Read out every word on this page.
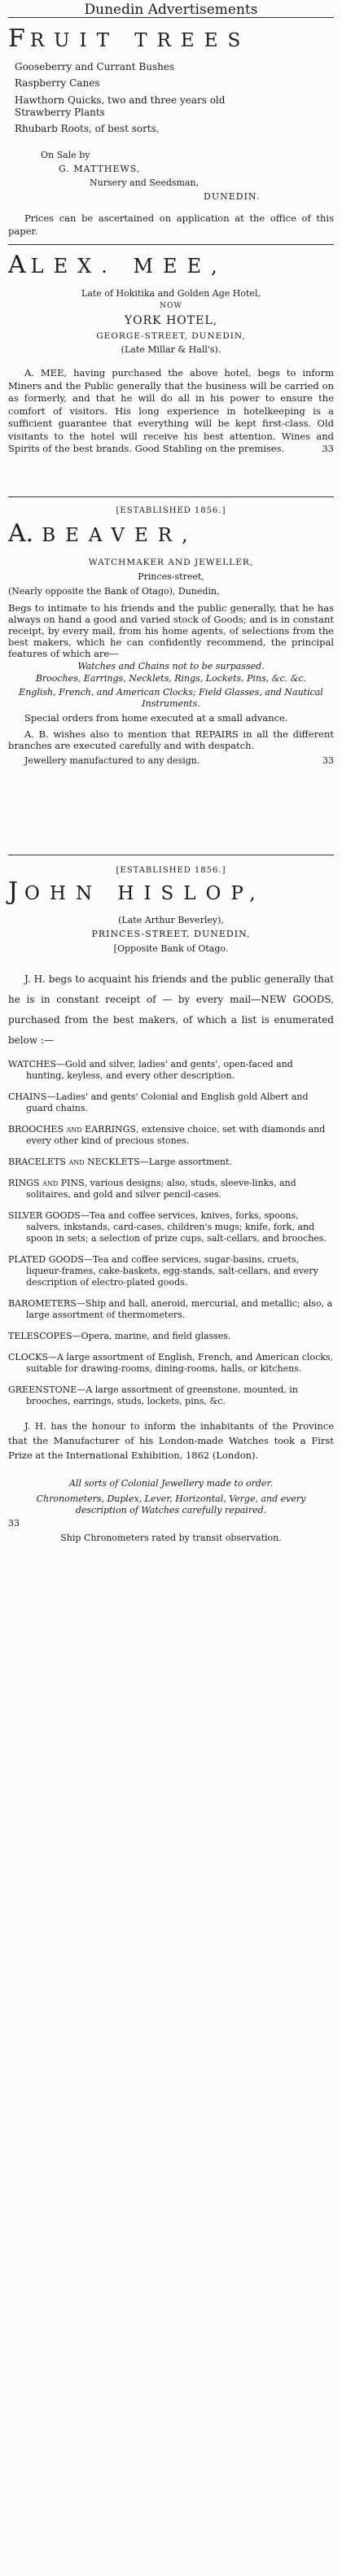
Dunedin Advertisements
F RUIT TREES
Gooseberry and Currant Bushes
Raspberry Canes
Hawthorn Quicks, two and three years old
Strawberry Plants
Rhubarb Roots, of best sorts,
On Sale by
G. MATTHEWS,
Nursery and Seedsman,
DUNEDIN.
Prices can be ascertained on application at the office of this paper.
A LEX. MEE,
Late of Hokitika and Golden Age Hotel,
NOW
YORK HOTEL,
GEORGE-STREET, DUNEDIN,
(Late Millar & Hall's).
A. MEE, having purchased the above hotel, begs to inform Miners and the Public generally that the business will be carried on as formerly, and that he will do all in his power to ensure the comfort of visitors. His long experience in hotelkeeping is a sufficient guarantee that everything will be kept first-class. Old visitants to the hotel will receive his best attention. Wines and Spirits of the best brands. Good Stabling on the premises.	33
[ESTABLISHED 1856.]
A. BEAVER,
WATCHMAKER AND JEWELLER,
Princes-street,
(Nearly opposite the Bank of Otago), Dunedin,
Begs to intimate to his friends and the public generally, that he has always on hand a good and varied stock of Goods; and is in constant receipt, by every mail, from his home agents, of selections from the best makers, which he can confidently recommend, the principal features of which are—
Watches and Chains not to be surpassed.
Brooches, Earrings, Necklets, Rings, Lockets, Pins, &c. &c.
English, French, and American Clocks; Field Glasses, and Nautical Instruments.
Special orders from home executed at a small advance.
A. B. wishes also to mention that REPAIRS in all the different branches are executed carefully and with despatch.
Jewellery manufactured to any design.	33
[ESTABLISHED 1856.]
J OHN HISLOP,
(Late Arthur Beverley),
PRINCES-STREET, DUNEDIN,
[Opposite Bank of Otago.
J. H. begs to acquaint his friends and the public generally that he is in constant receipt of — by every mail—NEW GOODS, purchased from the best makers, of which a list is enumerated below :—
WATCHES—Gold and silver, ladies' and gents', open-faced and hunting, keyless, and every other description.
CHAINS—Ladies' and gents' Colonial and English gold Albert and guard chains.
BROOCHES and EARRINGS, extensive choice, set with diamonds and every other kind of precious stones.
BRACELETS and NECKLETS—Large assortment.
RINGS and PINS, various designs; also, studs, sleeve-links, and solitaires, and gold and silver pencil-cases.
SILVER GOODS—Tea and coffee services, knives, forks, spoons, salvers, inkstands, card-cases, children's mugs; knife, fork, and spoon in sets; a selection of prize cups, salt-cellars, and brooches.
PLATED GOODS—Tea and coffee services, sugar-basins, cruets, liqueur-frames, cake-baskets, egg-stands, salt-cellars, and every description of electro-plated goods.
BAROMETERS—Ship and hall, aneroid, mercurial, and metallic; also, a large assortment of thermometers.
TELESCOPES—Opera, marine, and field glasses.
CLOCKS—A large assortment of English, French, and American clocks, suitable for drawing-rooms, dining-rooms, halls, or kitchens.
GREENSTONE—A large assortment of greenstone, mounted, in brooches, earrings, studs, lockets, pins, &c.
J. H. has the honour to inform the inhabitants of the Province that the Manufacturer of his London-made Watches took a First Prize at the International Exhibition, 1862 (London).
All sorts of Colonial Jewellery made to order.
Chronometers, Duplex, Lever, Horizontal, Verge, and every description of Watches carefully repaired.
33
Ship Chronometers rated by transit observation.
